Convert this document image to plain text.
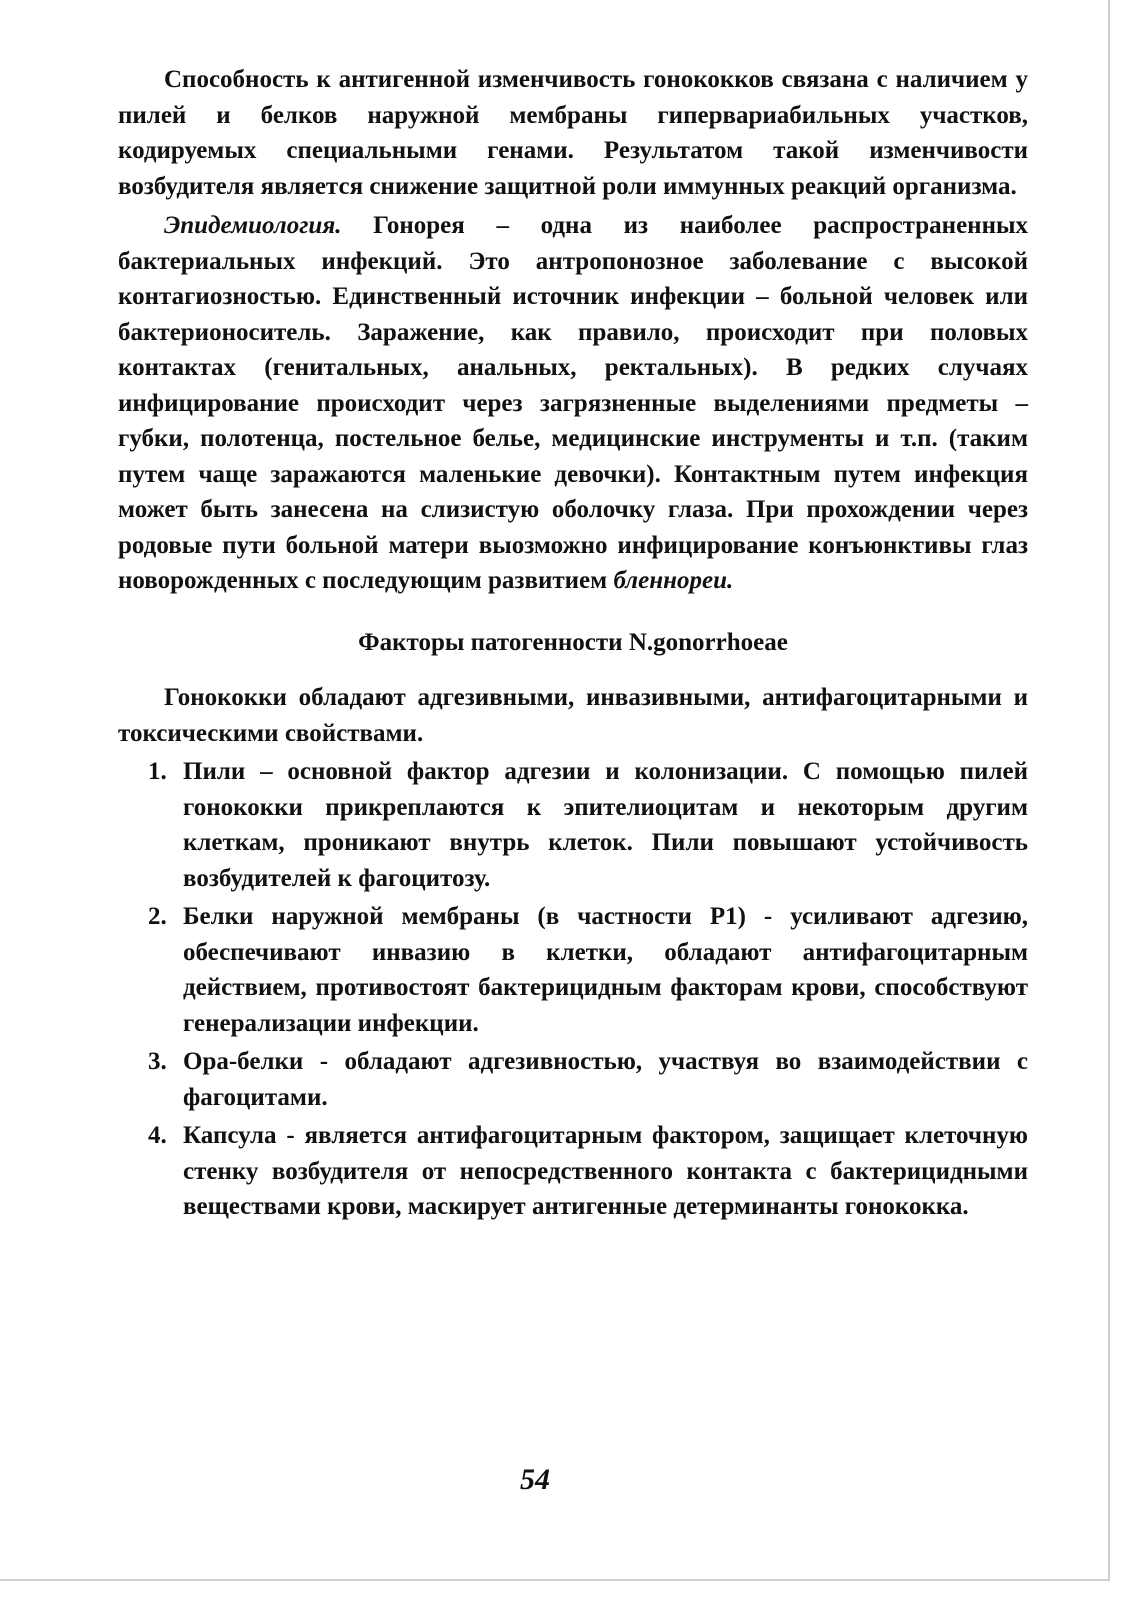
Способность к антигенной изменчивость гонококков связана с наличием у пилей и белков наружной мембраны гипервариабильных участков, кодируемых специальными генами. Результатом такой изменчивости возбудителя является снижение защитной роли иммунных реакций организма.

Эпидемиология. Гонорея – одна из наиболее распространенных бактериальных инфекций. Это антропонозное заболевание с высокой контагиозностью. Единственный источник инфекции – больной человек или бактерионоситель. Заражение, как правило, происходит при половых контактах (генитальных, анальных, ректальных). В редких случаях инфицирование происходит через загрязненные выделениями предметы – губки, полотенца, постельное белье, медицинские инструменты и т.п. (таким путем чаще заражаются маленькие девочки). Контактным путем инфекция может быть занесена на слизистую оболочку глаза. При прохождении через родовые пути больной матери выозможно инфицирование конъюнктивы глаз новорожденных с последующим развитием бленнореи.

Факторы патогенности N.gonorrhoeae

Гонококки обладают адгезивными, инвазивными, антифагоцитарными и токсическими свойствами.

1. Пили – основной фактор адгезии и колонизации. С помощью пилей гонококки прикреплаются к эпителиоцитам и некоторым другим клеткам, проникают внутрь клеток. Пили повышают устойчивость возбудителей к фагоцитозу.
2. Белки наружной мембраны (в частности P1) - усиливают адгезию, обеспечивают инвазию в клетки, обладают антифагоцитарным действием, противостоят бактерицидным факторам крови, способствуют генерализации инфекции.
3. Ора-белки - обладают адгезивностью, участвуя во взаимодействии с фагоцитами.
4. Капсула - является антифагоцитарным фактором, защищает клеточную стенку возбудителя от непосредственного контакта с бактерицидными веществами крови, маскирует антигенные детерминанты гонококка.
54
